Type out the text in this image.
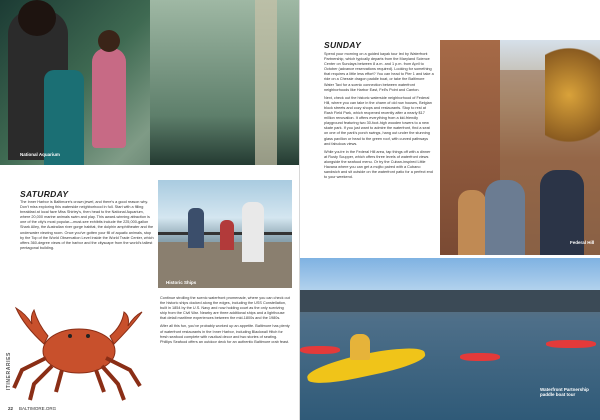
National Aquarium
SATURDAY

The Inner Harbor is Baltimore's crown jewel, and there's a good reason why. Don't miss exploring this waterside neighborhood in full. Start with a filling breakfast at local fave Miss Shirley's, then head to the National Aquarium, where 20,000 marine animals swim and play. This award-winning attraction is one of the city's most popular—must-see exhibits include the 225,000-gallon Shark Alley, the Australian river gorge habitat, the dolphin amphitheater and the underwater viewing room. Once you've gotten your fill of aquatic animals, stop by the Top of the World Observation Level inside the World Trade Center, which offers 360-degree views of the harbor and the cityscape from the world's tallest pentagonal building.

Historic Ships

Continue strolling the scenic waterfront promenade, where you can check out the historic ships docked along the edges, including the USS Constellation, built in 1854 by the U.S. Navy and now holding court as the only surviving ship from the Civil War. Nearby are three additional ships and a lighthouse that detail maritime experiences between the mid-1800s and the 1980s.

After all this fun, you've probably worked up an appetite. Baltimore has plenty of waterfront restaurants in the Inner Harbor, including Blackwall Hitch for fresh seafood complete with nautical decor and two stories of seating. Phillips Seafood offers an outdoor deck for an authentic Baltimore crab feast.

ITINERARIES
22 BALTIMORE.ORG
SUNDAY

Spend your morning on a guided kayak tour led by Waterfront Partnership, which typically departs from the Maryland Science Center on Sundays between 8 a.m. and 1 p.m. from April to October (advance reservations required). Looking for something that requires a little less effort? You can head to Pier 1 and take a ride on a Chessie dragon paddle boat, or take the Baltimore Water Taxi for a scenic connection between waterfront neighborhoods like Harbor East, Fell's Point and Canton.

Next, check out the historic waterside neighborhood of Federal Hill, where you can take in the charm of old row houses, Belgian block streets and cozy shops and restaurants. Stop to rest at Rash Field Park, which reopened recently after a nearly $17 million renovation. It offers everything from a kid-friendly playground featuring two 30-foot-high wooden towers to a new skate park. If you just want to admire the waterfront, find a seat on one of the park's porch swings, hang out under the stunning glass pavilion or head to the green roof, with curved pathways and fabulous views.

While you're in the Federal Hill area, tap things off with a dinner at Rusty Scupper, which offers three levels of waterfront views alongside the seafood menu. Or try the Cuban-inspired Little Havana where you can get a mojito paired with a Cubano sandwich and sit outside on the waterfront patio for a perfect end to your weekend.

Federal Hill
Waterfront Partnership paddle boat tour
